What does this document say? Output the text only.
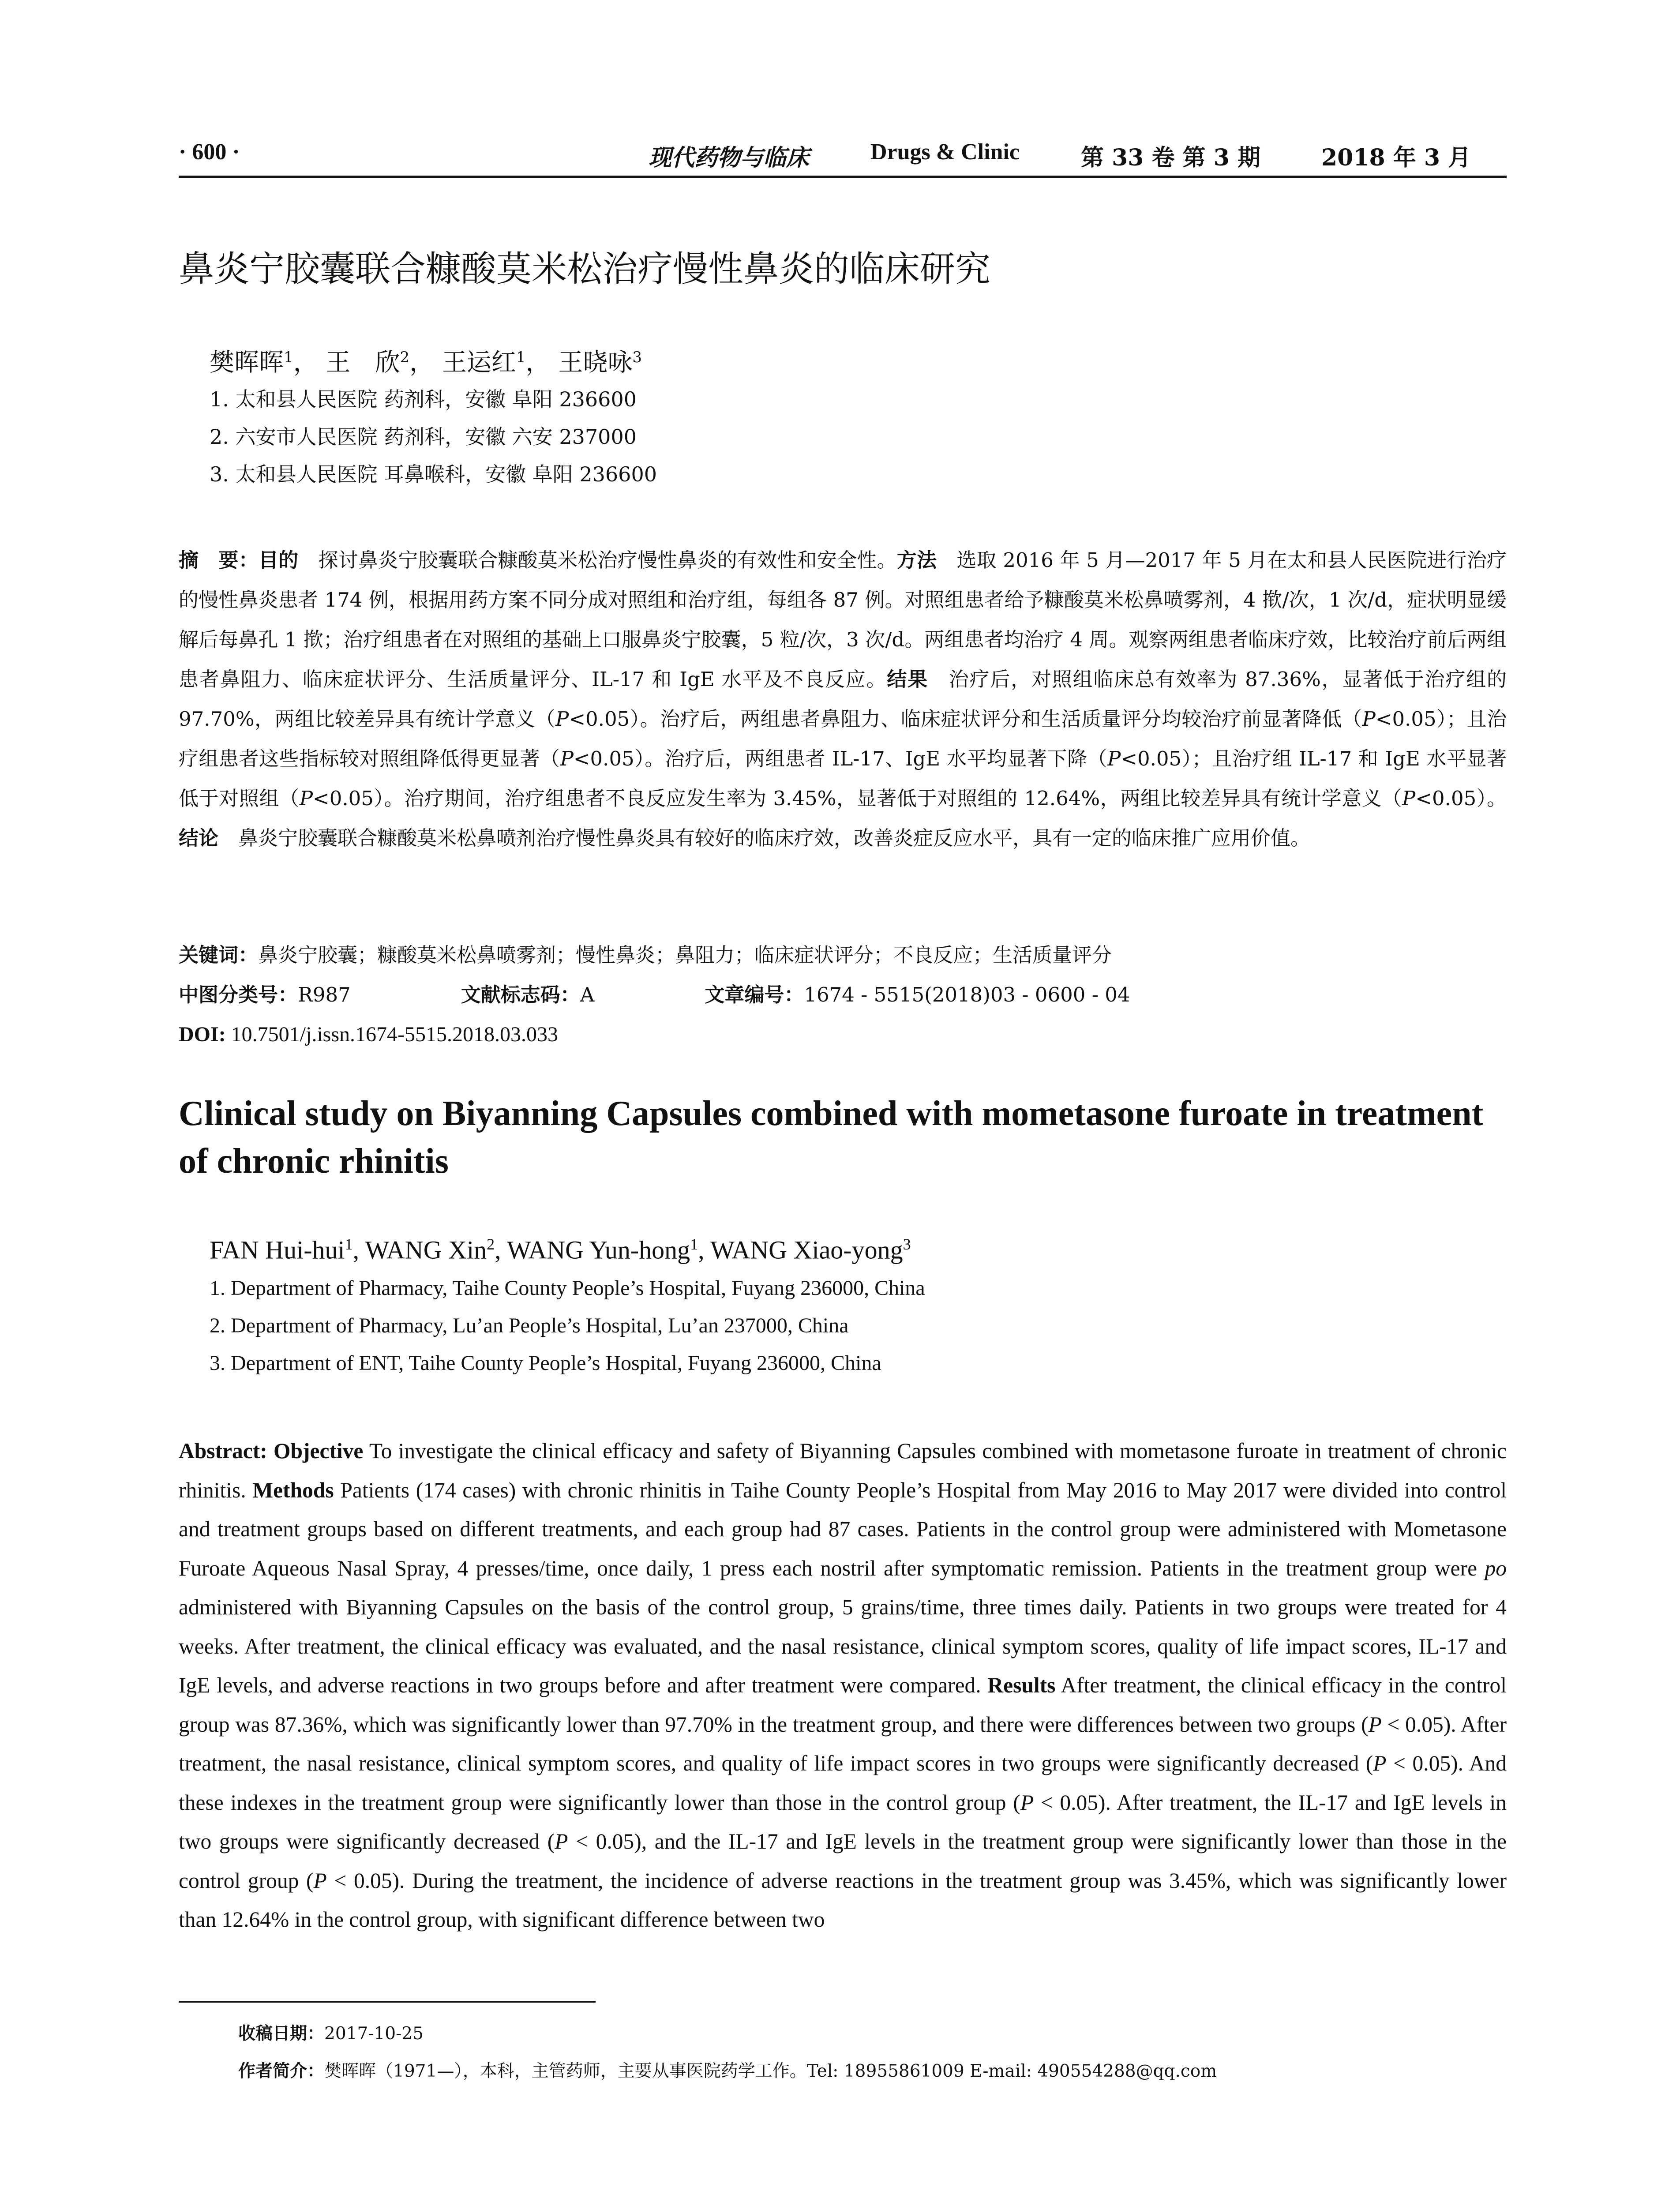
· 600 ·	现代药物与临床	Drugs & Clinic	第 33 卷 第 3 期	2018 年 3 月
鼻炎宁胶囊联合糠酸莫米松治疗慢性鼻炎的临床研究
樊晖晖$^1$， 王　欣$^2$， 王运红$^1$， 王晓咏$^3$
1. 太和县人民医院 药剂科，安徽 阜阳 236600
2. 六安市人民医院 药剂科，安徽 六安 237000
3. 太和县人民医院 耳鼻喉科，安徽 阜阳 236600
摘　要：目的　探讨鼻炎宁胶囊联合糠酸莫米松治疗慢性鼻炎的有效性和安全性。方法　选取 2016 年 5 月—2017 年 5 月在太和县人民医院进行治疗的慢性鼻炎患者 174 例，根据用药方案不同分成对照组和治疗组，每组各 87 例。对照组患者给予糠酸莫米松鼻喷雾剂，4 揿/次，1 次/d，症状明显缓解后每鼻孔 1 揿；治疗组患者在对照组的基础上口服鼻炎宁胶囊，5 粒/次，3 次/d。两组患者均治疗 4 周。观察两组患者临床疗效，比较治疗前后两组患者鼻阻力、临床症状评分、生活质量评分、IL-17 和 IgE 水平及不良反应。结果　治疗后，对照组临床总有效率为 87.36%，显著低于治疗组的 97.70%，两组比较差异具有统计学意义（P<0.05）。治疗后，两组患者鼻阻力、临床症状评分和生活质量评分均较治疗前显著降低（P<0.05）；且治疗组患者这些指标较对照组降低得更显著（P<0.05）。治疗后，两组患者 IL-17、IgE 水平均显著下降（P<0.05）；且治疗组 IL-17 和 IgE 水平显著低于对照组（P<0.05）。治疗期间，治疗组患者不良反应发生率为 3.45%，显著低于对照组的 12.64%，两组比较差异具有统计学意义（P<0.05）。结论　鼻炎宁胶囊联合糠酸莫米松鼻喷剂治疗慢性鼻炎具有较好的临床疗效，改善炎症反应水平，具有一定的临床推广应用价值。
关键词：鼻炎宁胶囊；糠酸莫米松鼻喷雾剂；慢性鼻炎；鼻阻力；临床症状评分；不良反应；生活质量评分
中图分类号：R987	文献标志码：A	文章编号：1674 - 5515(2018)03 - 0600 - 04
DOI: 10.7501/j.issn.1674-5515.2018.03.033
Clinical study on Biyanning Capsules combined with mometasone furoate in treatment of chronic rhinitis
FAN Hui-hui$^1$, WANG Xin$^2$, WANG Yun-hong$^1$, WANG Xiao-yong$^3$
1. Department of Pharmacy, Taihe County People’s Hospital, Fuyang 236000, China
2. Department of Pharmacy, Lu’an People’s Hospital, Lu’an 237000, China
3. Department of ENT, Taihe County People’s Hospital, Fuyang 236000, China
Abstract: Objective To investigate the clinical efficacy and safety of Biyanning Capsules combined with mometasone furoate in treatment of chronic rhinitis. Methods Patients (174 cases) with chronic rhinitis in Taihe County People’s Hospital from May 2016 to May 2017 were divided into control and treatment groups based on different treatments, and each group had 87 cases. Patients in the control group were administered with Mometasone Furoate Aqueous Nasal Spray, 4 presses/time, once daily, 1 press each nostril after symptomatic remission. Patients in the treatment group were po administered with Biyanning Capsules on the basis of the control group, 5 grains/time, three times daily. Patients in two groups were treated for 4 weeks. After treatment, the clinical efficacy was evaluated, and the nasal resistance, clinical symptom scores, quality of life impact scores, IL-17 and IgE levels, and adverse reactions in two groups before and after treatment were compared. Results After treatment, the clinical efficacy in the control group was 87.36%, which was significantly lower than 97.70% in the treatment group, and there were differences between two groups (P < 0.05). After treatment, the nasal resistance, clinical symptom scores, and quality of life impact scores in two groups were significantly decreased (P < 0.05). And these indexes in the treatment group were significantly lower than those in the control group (P < 0.05). After treatment, the IL-17 and IgE levels in two groups were significantly decreased (P < 0.05), and the IL-17 and IgE levels in the treatment group were significantly lower than those in the control group (P < 0.05). During the treatment, the incidence of adverse reactions in the treatment group was 3.45%, which was significantly lower than 12.64% in the control group, with significant difference between two
收稿日期：2017-10-25
作者简介：樊晖晖（1971—），本科，主管药师，主要从事医院药学工作。Tel: 18955861009 E-mail: 490554288@qq.com
